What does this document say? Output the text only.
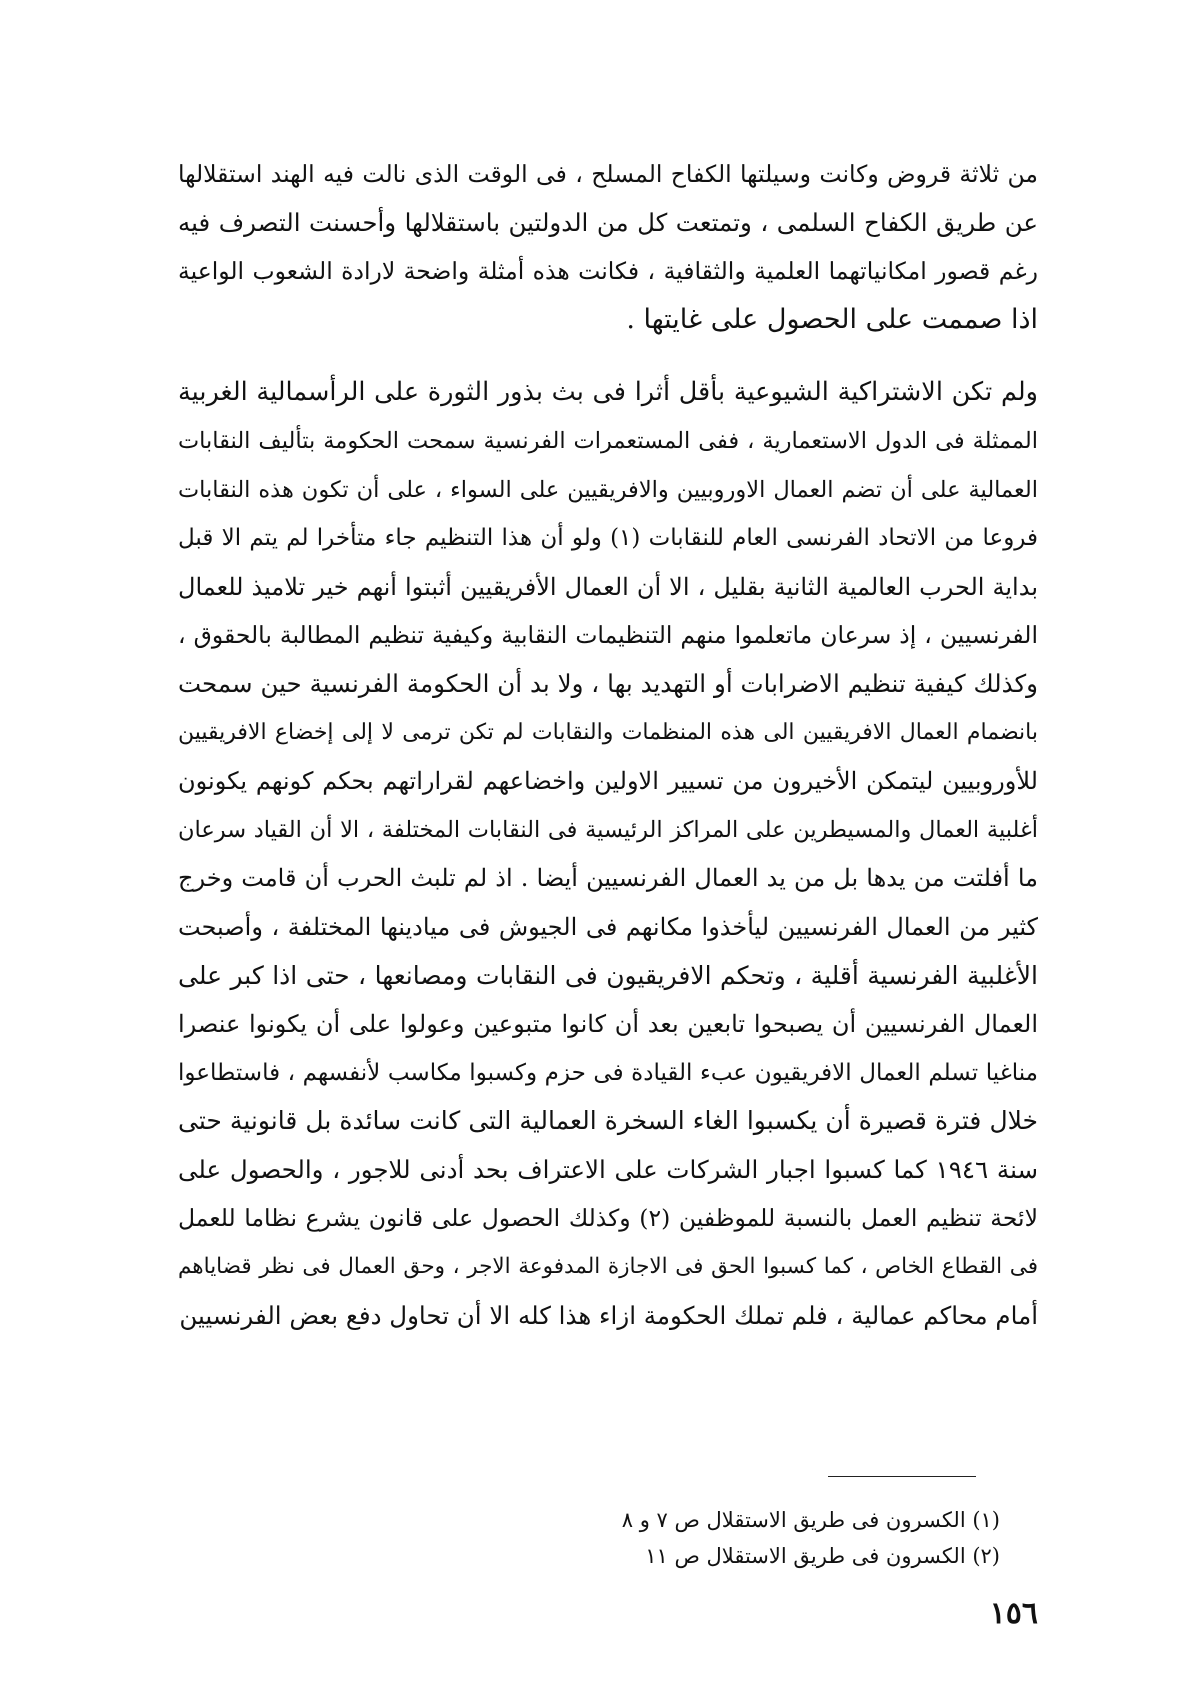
من ثلاثة قروض وكانت وسيلتها الكفاح المسلح ، فى الوقت الذى نالت فيه الهند استقلالها
عن طريق الكفاح السلمى ، وتمتعت كل من الدولتين باستقلالها وأحسنت التصرف فيه
رغم قصور امكانياتهما العلمية والثقافية ، فكانت هذه أمثلة واضحة لارادة الشعوب الواعية
اذا صممت على الحصول على غايتها .
ولم تكن الاشتراكية الشيوعية بأقل أثرا فى بث بذور الثورة على الرأسمالية الغربية
الممثلة فى الدول الاستعمارية ، ففى المستعمرات الفرنسية سمحت الحكومة بتأليف النقابات
العمالية على أن تضم العمال الاوروبيين والافريقيين على السواء ، على أن تكون هذه النقابات
فروعا من الاتحاد الفرنسى العام للنقابات (١) ولو أن هذا التنظيم جاء متأخرا لم يتم الا قبل
بداية الحرب العالمية الثانية بقليل ، الا أن العمال الأفريقيين أثبتوا أنهم خير تلاميذ للعمال
الفرنسيين ، إذ سرعان ماتعلموا منهم التنظيمات النقابية وكيفية تنظيم المطالبة بالحقوق ،
وكذلك كيفية تنظيم الاضرابات أو التهديد بها ، ولا بد أن الحكومة الفرنسية حين سمحت
بانضمام العمال الافريقيين الى هذه المنظمات والنقابات لم تكن ترمى لا إلى إخضاع الافريقيين
للأوروبيين ليتمكن الأخيرون من تسيير الاولين واخضاعهم لقراراتهم بحكم كونهم يكونون
أغلبية العمال والمسيطرين على المراكز الرئيسية فى النقابات المختلفة ، الا أن القياد سرعان
ما أفلتت من يدها بل من يد العمال الفرنسيين أيضا . اذ لم تلبث الحرب أن قامت وخرج
كثير من العمال الفرنسيين ليأخذوا مكانهم فى الجيوش فى ميادينها المختلفة ، وأصبحت
الأغلبية الفرنسية أقلية ، وتحكم الافريقيون فى النقابات ومصانعها ، حتى اذا كبر على
العمال الفرنسيين أن يصبحوا تابعين بعد أن كانوا متبوعين وعولوا على أن يكونوا عنصرا
مناغيا تسلم العمال الافريقيون عبء القيادة فى حزم وكسبوا مكاسب لأنفسهم ، فاستطاعوا
خلال فترة قصيرة أن يكسبوا الغاء السخرة العمالية التى كانت سائدة بل قانونية حتى
سنة ١٩٤٦ كما كسبوا اجبار الشركات على الاعتراف بحد أدنى للاجور ، والحصول على
لائحة تنظيم العمل بالنسبة للموظفين (٢) وكذلك الحصول على قانون يشرع نظاما للعمل
فى القطاع الخاص ، كما كسبوا الحق فى الاجازة المدفوعة الاجر ، وحق العمال فى نظر قضاياهم
أمام محاكم عمالية ، فلم تملك الحكومة ازاء هذا كله الا أن تحاول دفع بعض الفرنسيين
(١) الكسرون فى طريق الاستقلال ص ٧ و ٨
(٢) الكسرون فى طريق الاستقلال ص ١١
١٥٦
